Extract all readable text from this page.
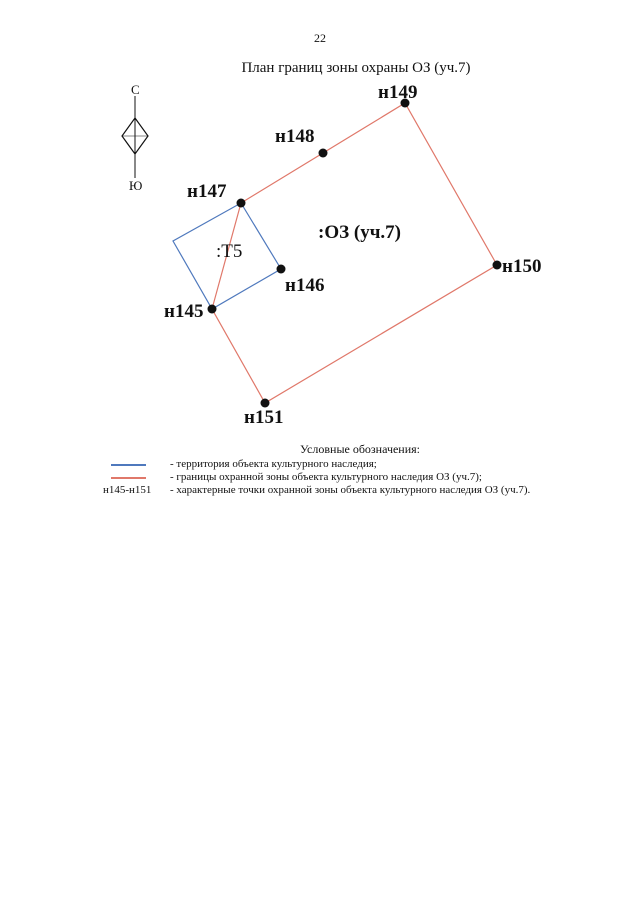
22
План границ зоны охраны ОЗ (уч.7)
С
Ю
н145
н146
н147
н148
н149
н150
н151
:ОЗ (уч.7)
:Т5
Условные обозначения:
- территория объекта культурного наследия;
- границы охранной зоны объекта культурного наследия ОЗ (уч.7);
н145-н151 - характерные точки охранной зоны объекта культурного наследия ОЗ (уч.7).
